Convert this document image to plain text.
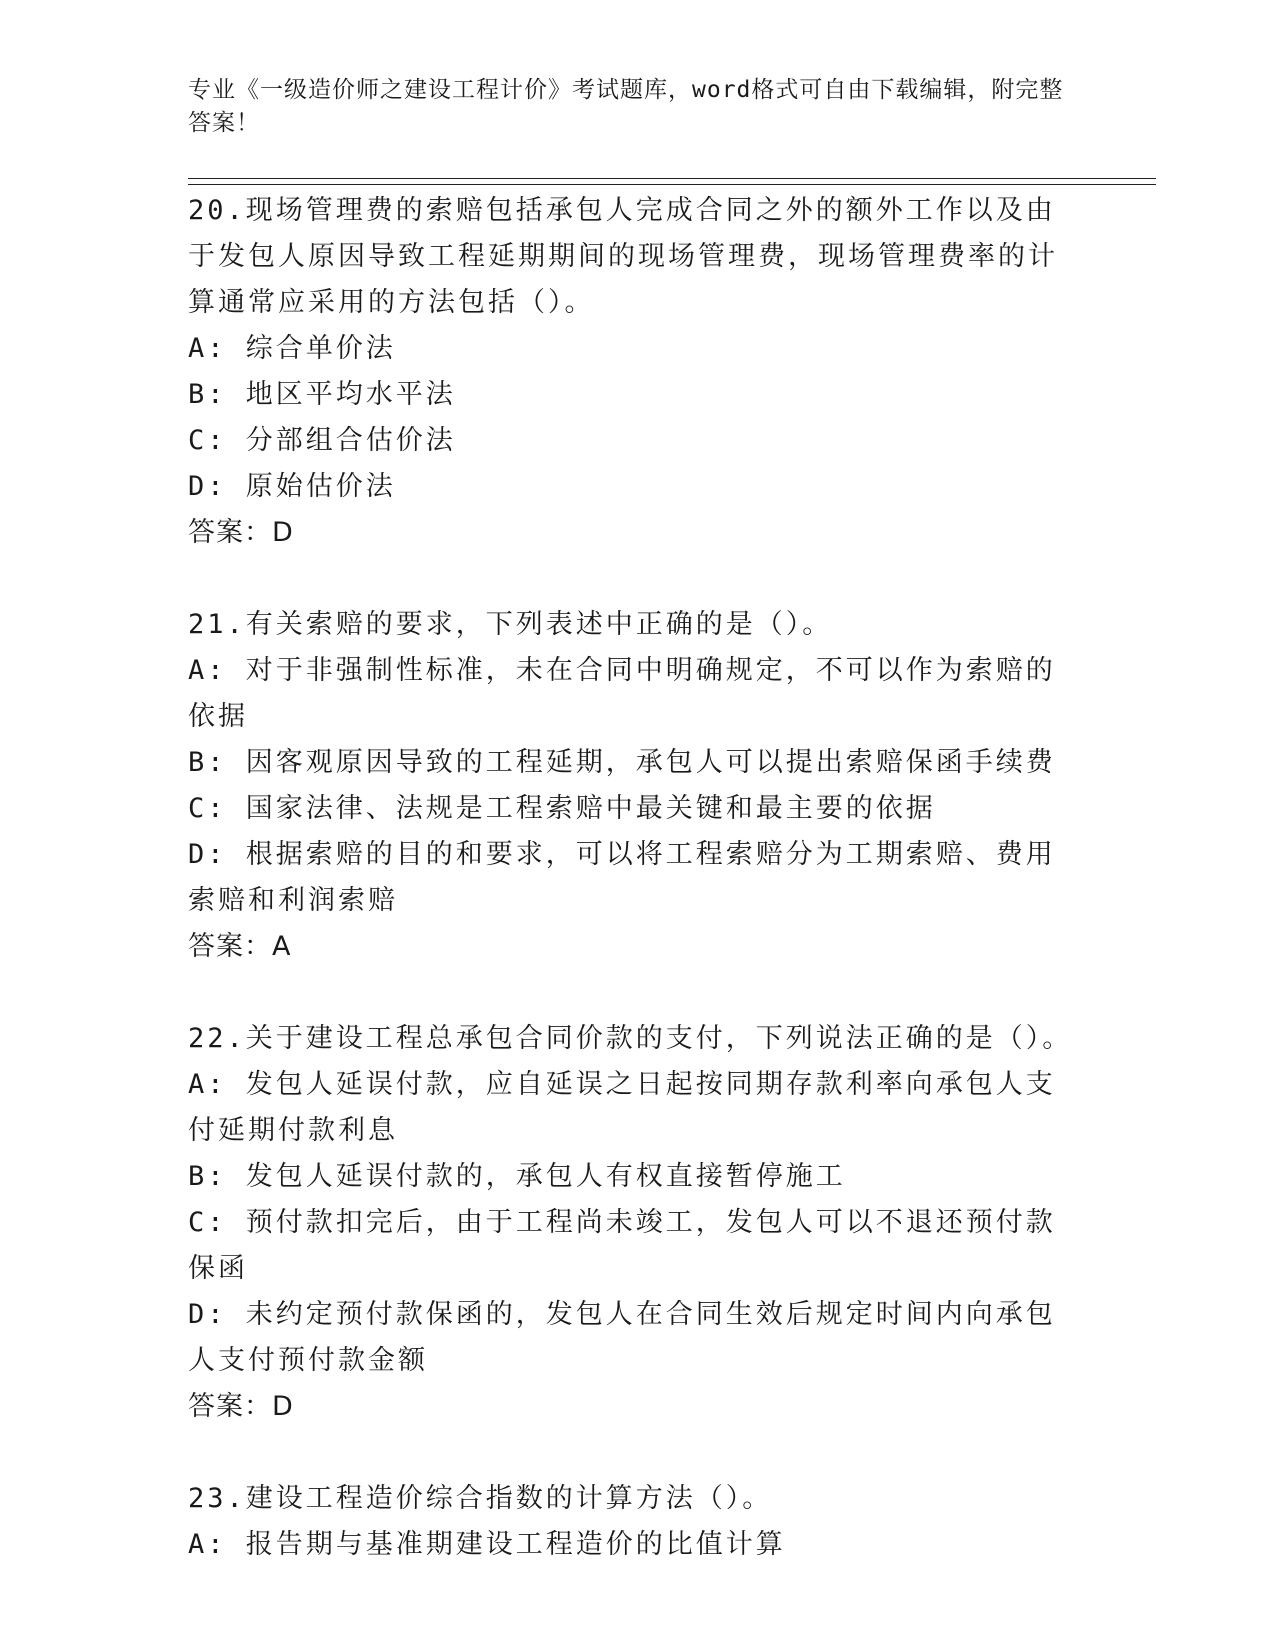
专业《一级造价师之建设工程计价》考试题库，word格式可自由下载编辑，附完整答案！
20.现场管理费的索赔包括承包人完成合同之外的额外工作以及由于发包人原因导致工程延期期间的现场管理费，现场管理费率的计算通常应采用的方法包括（）。
A: 综合单价法
B: 地区平均水平法
C: 分部组合估价法
D: 原始估价法
答案：D
21.有关索赔的要求，下列表述中正确的是（）。
A: 对于非强制性标准，未在合同中明确规定，不可以作为索赔的依据
B: 因客观原因导致的工程延期，承包人可以提出索赔保函手续费
C: 国家法律、法规是工程索赔中最关键和最主要的依据
D: 根据索赔的目的和要求，可以将工程索赔分为工期索赔、费用索赔和利润索赔
答案：A
22.关于建设工程总承包合同价款的支付，下列说法正确的是（）。
A: 发包人延误付款，应自延误之日起按同期存款利率向承包人支付延期付款利息
B: 发包人延误付款的，承包人有权直接暂停施工
C: 预付款扣完后，由于工程尚未竣工，发包人可以不退还预付款保函
D: 未约定预付款保函的，发包人在合同生效后规定时间内向承包人支付预付款金额
答案：D
23.建设工程造价综合指数的计算方法（）。
A: 报告期与基准期建设工程造价的比值计算
